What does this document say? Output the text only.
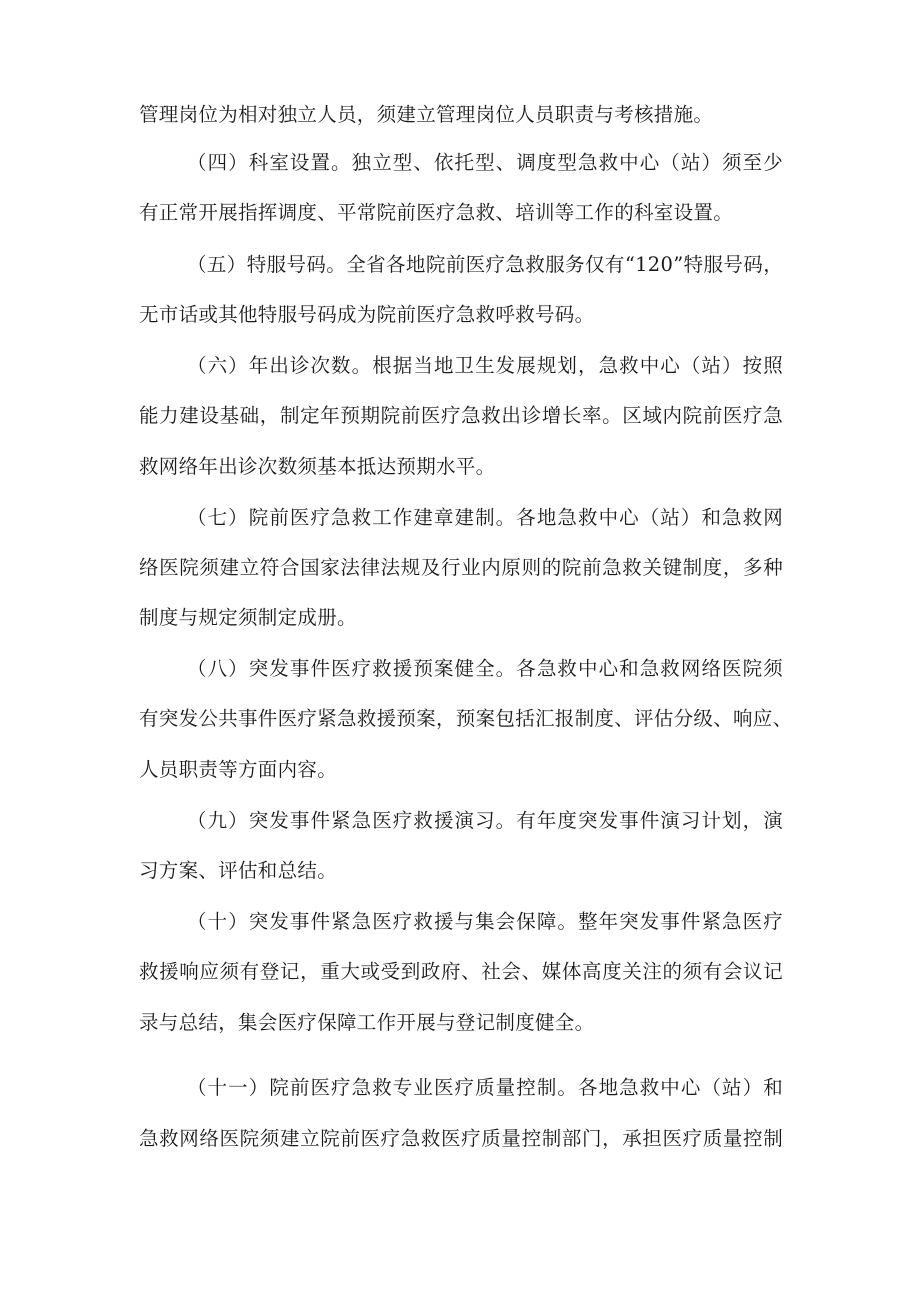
管理岗位为相对独立人员，须建立管理岗位人员职责与考核措施。
（四）科室设置。独立型、依托型、调度型急救中心（站）须至少
有正常开展指挥调度、平常院前医疗急救、培训等工作的科室设置。
（五）特服号码。全省各地院前医疗急救服务仅有“120”特服号码，
无市话或其他特服号码成为院前医疗急救呼救号码。
（六）年出诊次数。根据当地卫生发展规划，急救中心（站）按照
能力建设基础，制定年预期院前医疗急救出诊增长率。区域内院前医疗急
救网络年出诊次数须基本抵达预期水平。
（七）院前医疗急救工作建章建制。各地急救中心（站）和急救网
络医院须建立符合国家法律法规及行业内原则的院前急救关键制度，多种
制度与规定须制定成册。
（八）突发事件医疗救援预案健全。各急救中心和急救网络医院须
有突发公共事件医疗紧急救援预案，预案包括汇报制度、评估分级、响应、
人员职责等方面内容。
（九）突发事件紧急医疗救援演习。有年度突发事件演习计划，演
习方案、评估和总结。
（十）突发事件紧急医疗救援与集会保障。整年突发事件紧急医疗
救援响应须有登记，重大或受到政府、社会、媒体高度关注的须有会议记
录与总结，集会医疗保障工作开展与登记制度健全。
（十一）院前医疗急救专业医疗质量控制。各地急救中心（站）和
急救网络医院须建立院前医疗急救医疗质量控制部门，承担医疗质量控制
